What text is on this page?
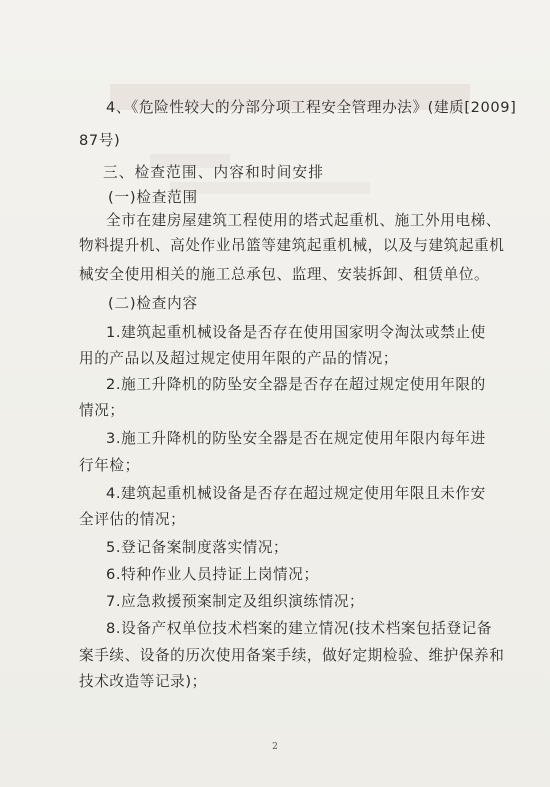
4、《危险性较大的分部分项工程安全管理办法》(建质[2009]
87号)
三、检查范围、内容和时间安排
(一)检查范围
全市在建房屋建筑工程使用的塔式起重机、施工外用电梯、
物料提升机、高处作业吊篮等建筑起重机械，以及与建筑起重机
械安全使用相关的施工总承包、监理、安装拆卸、租赁单位。
(二)检查内容
1.建筑起重机械设备是否存在使用国家明令淘汰或禁止使
用的产品以及超过规定使用年限的产品的情况；
2.施工升降机的防坠安全器是否存在超过规定使用年限的
情况；
3.施工升降机的防坠安全器是否在规定使用年限内每年进
行年检；
4.建筑起重机械设备是否存在超过规定使用年限且未作安
全评估的情况；
5.登记备案制度落实情况；
6.特种作业人员持证上岗情况；
7.应急救援预案制定及组织演练情况；
8.设备产权单位技术档案的建立情况(技术档案包括登记备
案手续、设备的历次使用备案手续，做好定期检验、维护保养和
技术改造等记录)；
2
